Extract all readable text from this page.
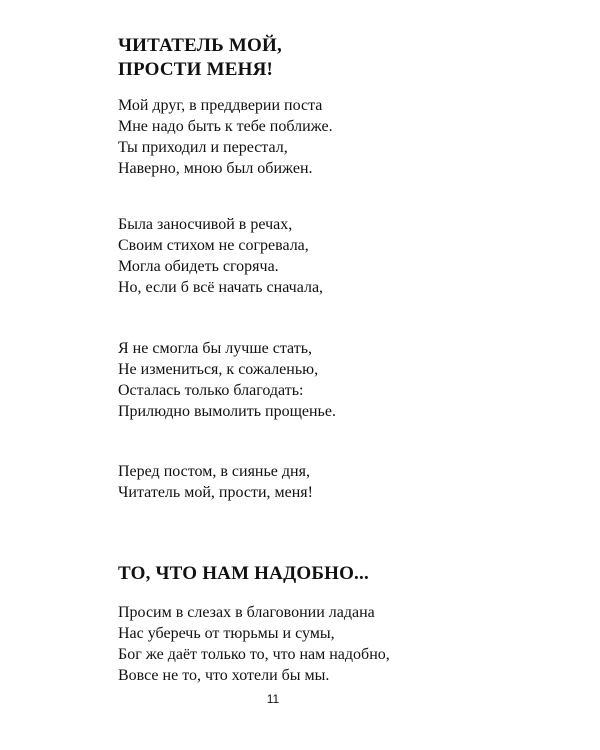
ЧИТАТЕЛЬ МОЙ,
ПРОСТИ МЕНЯ!
Мой друг, в преддверии поста
Мне надо быть к тебе поближе.
Ты приходил и перестал,
Наверно, мною был обижен.
Была заносчивой в речах,
Своим стихом не согревала,
Могла обидеть сгоряча.
Но, если б всё начать сначала,
Я не смогла бы лучше стать,
Не измениться, к сожаленью,
Осталась только благодать:
Прилюдно вымолить прощенье.
Перед постом, в сиянье дня,
Читатель мой, прости, меня!
ТО, ЧТО НАМ НАДОБНО...
Просим в слезах в благовонии ладана
Нас уберечь от тюрьмы и сумы,
Бог же даёт только то, что нам надобно,
Вовсе не то, что хотели бы мы.
11
